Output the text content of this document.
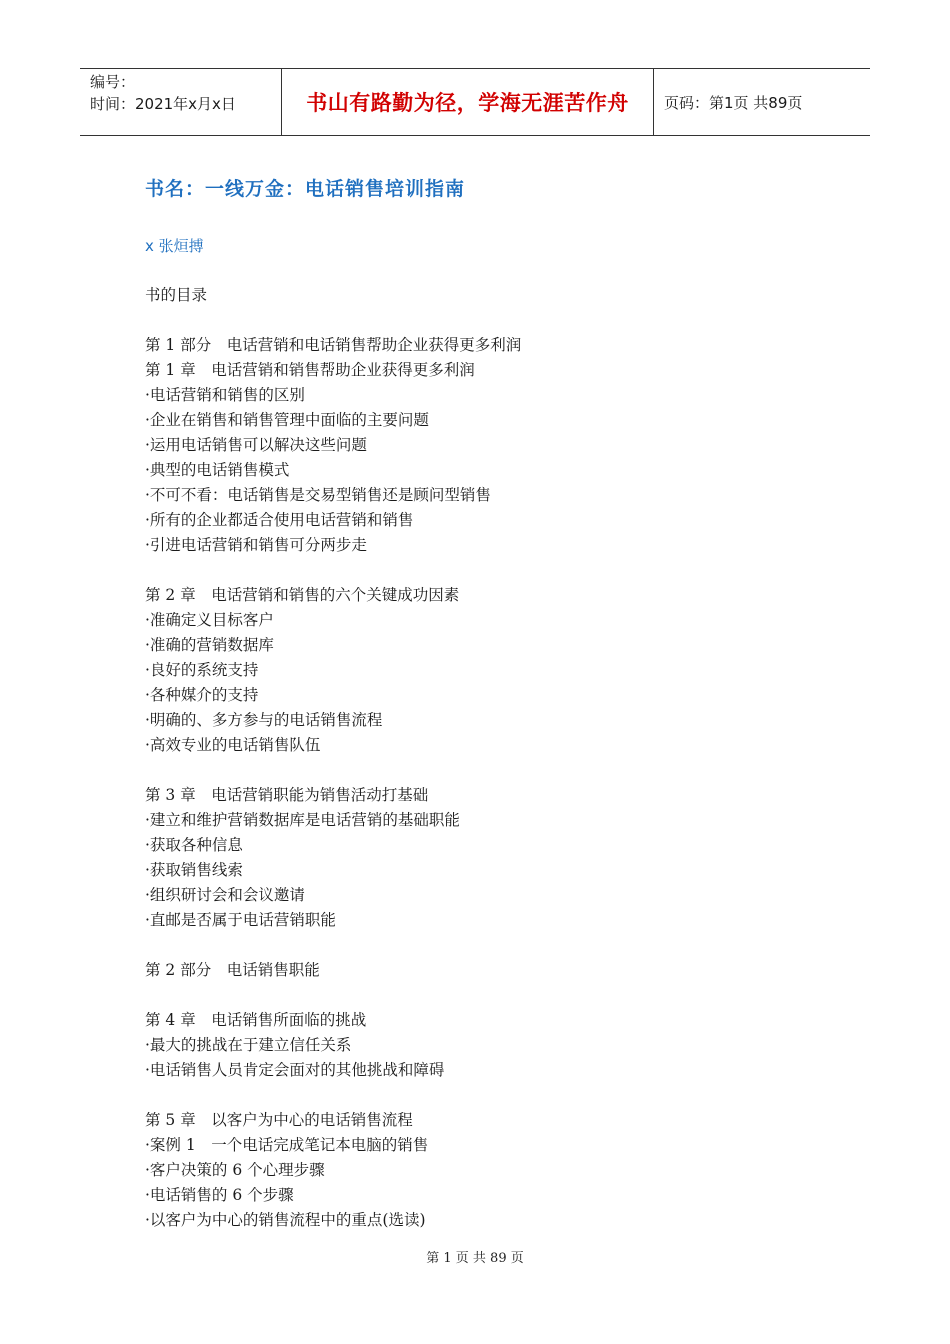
编号：
时间：2021年x月x日	书山有路勤为径，学海无涯苦作舟	页码：第1页 共89页
书名：一线万金：电话销售培训指南
x 张烜搏
书的目录
第 1 部分　电话营销和电话销售帮助企业获得更多利润
第 1 章　电话营销和销售帮助企业获得更多利润
·电话营销和销售的区别
·企业在销售和销售管理中面临的主要问题
·运用电话销售可以解决这些问题
·典型的电话销售模式
·不可不看：电话销售是交易型销售还是顾问型销售
·所有的企业都适合使用电话营销和销售
·引进电话营销和销售可分两步走
第 2 章　电话营销和销售的六个关键成功因素
·准确定义目标客户
·准确的营销数据库
·良好的系统支持
·各种媒介的支持
·明确的、多方参与的电话销售流程
·高效专业的电话销售队伍
第 3 章　电话营销职能为销售活动打基础
·建立和维护营销数据库是电话营销的基础职能
·获取各种信息
·获取销售线索
·组织研讨会和会议邀请
·直邮是否属于电话营销职能
第 2 部分　电话销售职能
第 4 章　电话销售所面临的挑战
·最大的挑战在于建立信任关系
·电话销售人员肯定会面对的其他挑战和障碍
第 5 章　以客户为中心的电话销售流程
·案例 1　一个电话完成笔记本电脑的销售
·客户决策的 6 个心理步骤
·电话销售的 6 个步骤
·以客户为中心的销售流程中的重点(选读)
第 1 页 共 89 页
